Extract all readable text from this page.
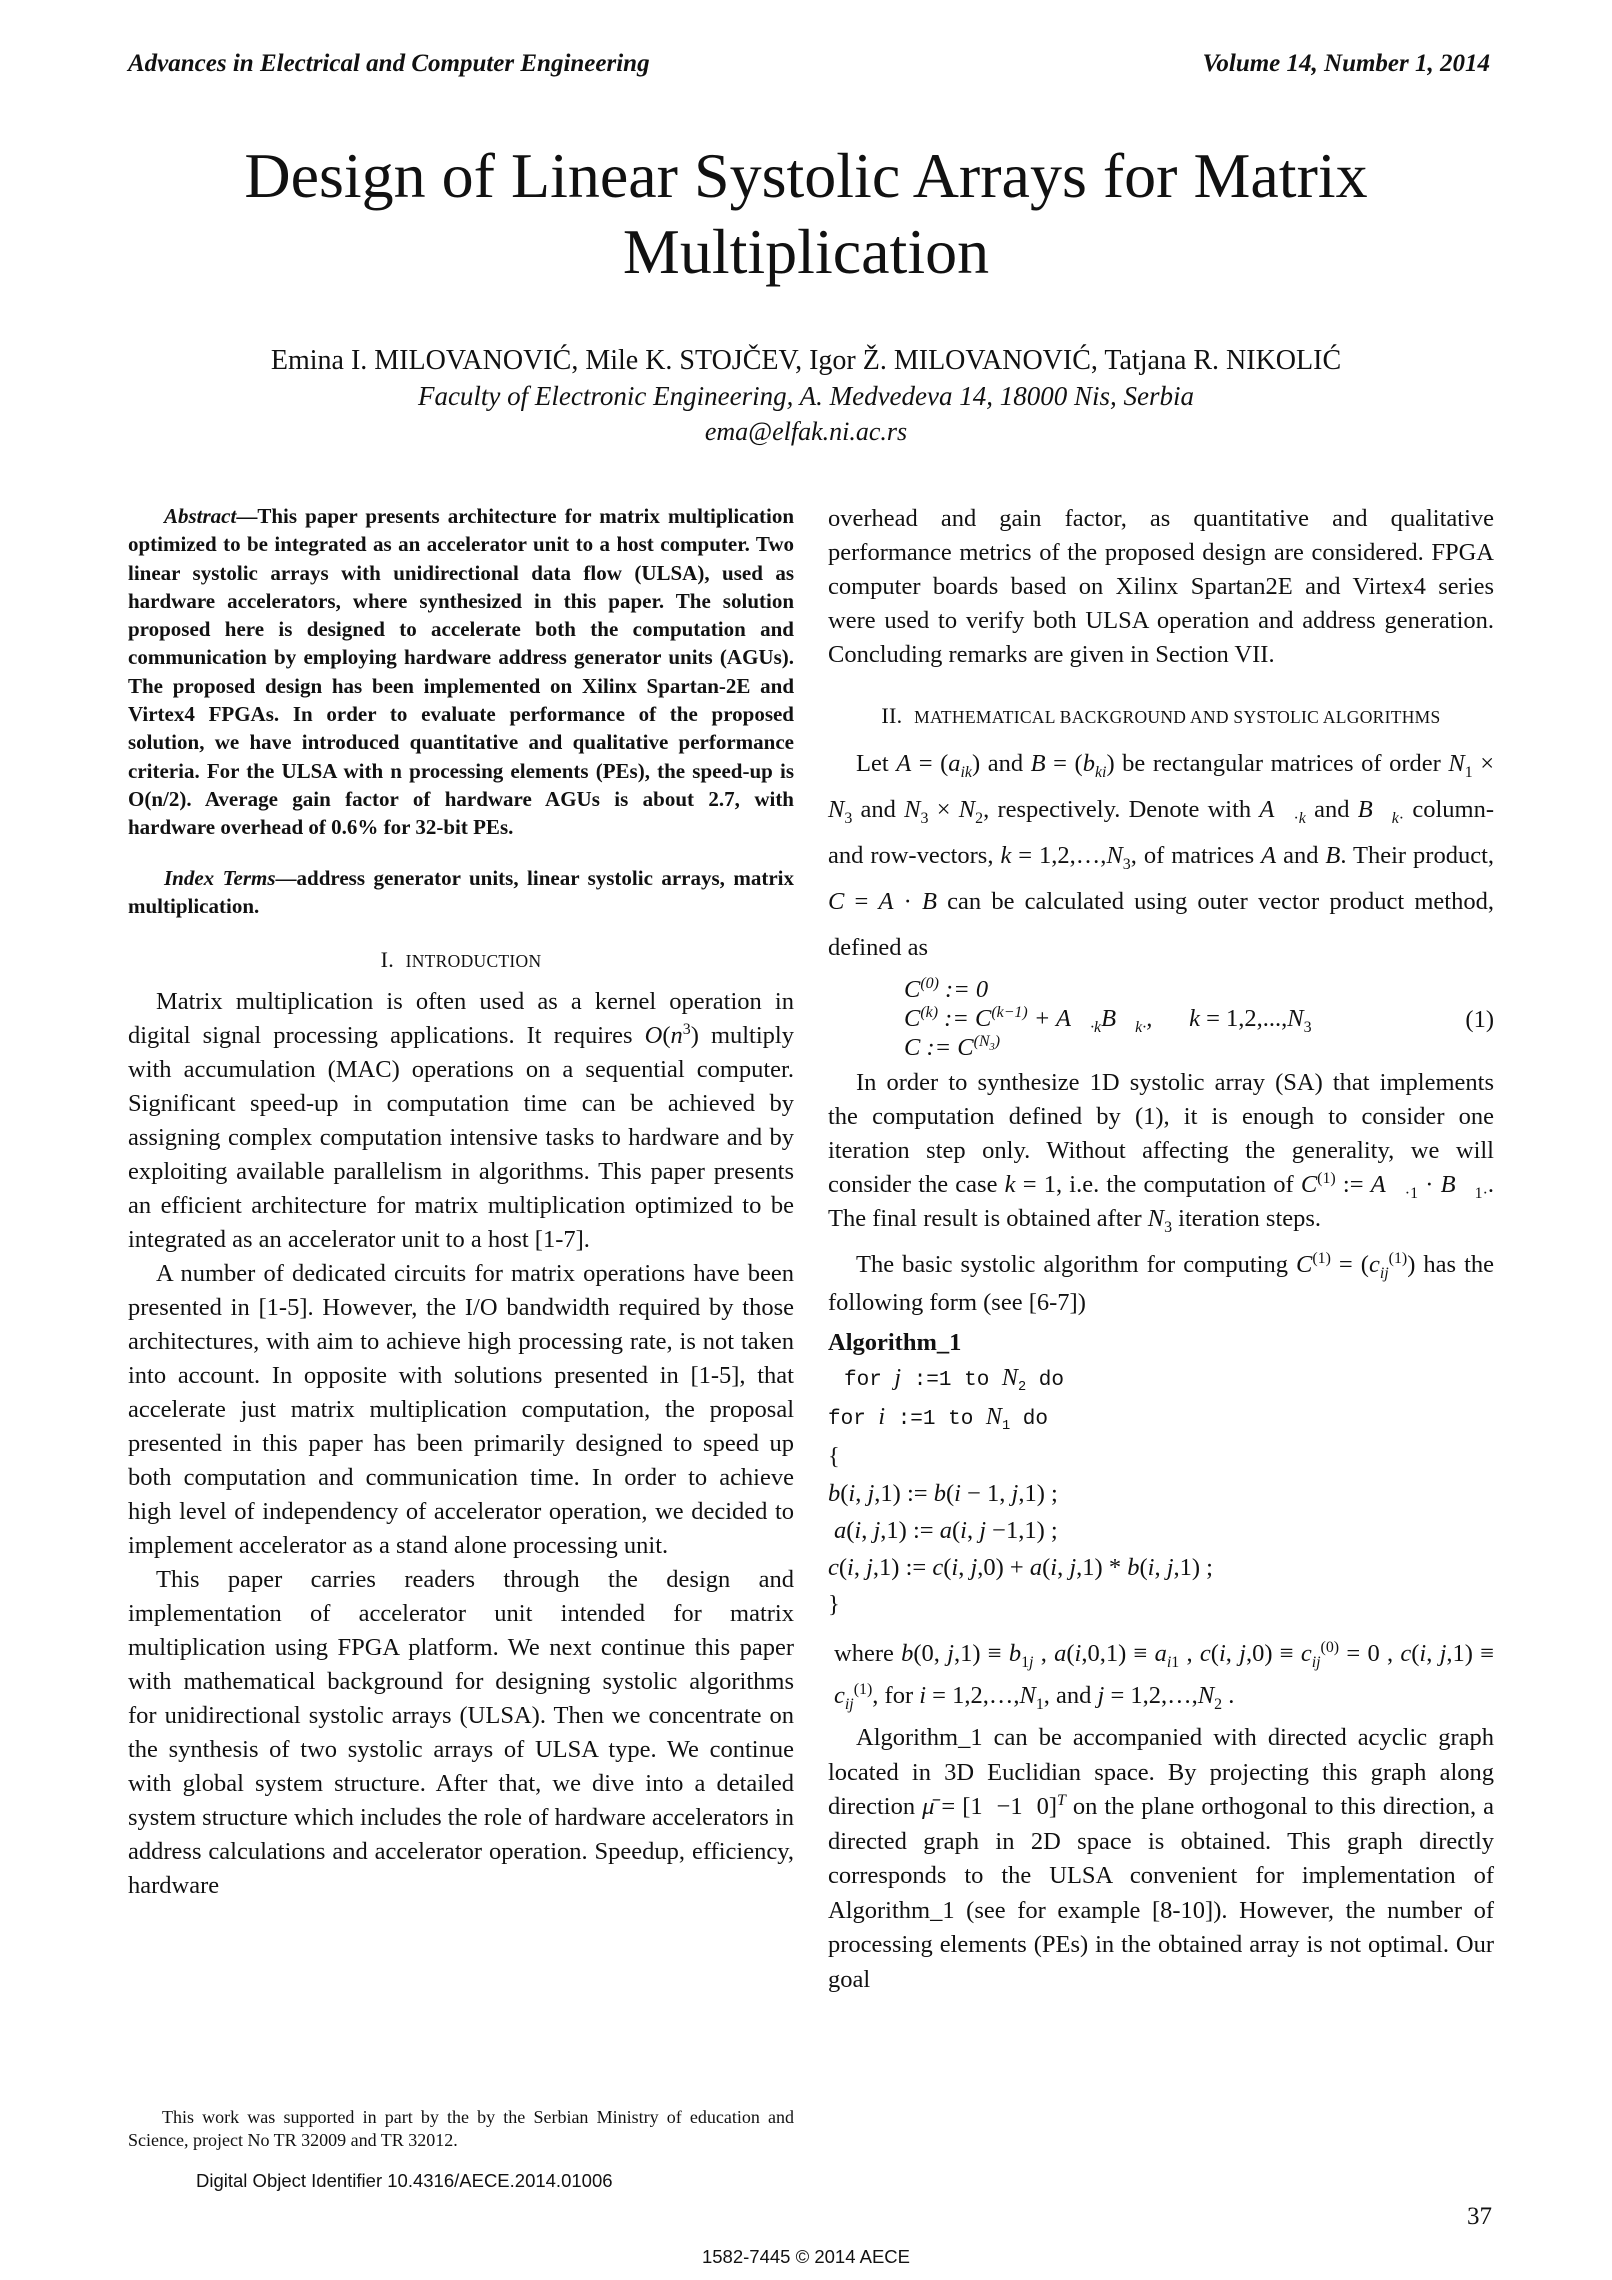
Advances in Electrical and Computer Engineering	Volume 14, Number 1, 2014
Design of Linear Systolic Arrays for Matrix Multiplication
Emina I. MILOVANOVIĆ, Mile K. STOJČEV, Igor Ž. MILOVANOVIĆ, Tatjana R. NIKOLIĆ
Faculty of Electronic Engineering, A. Medvedeva 14, 18000 Nis, Serbia
ema@elfak.ni.ac.rs

Abstract—This paper presents architecture for matrix multiplication optimized to be integrated as an accelerator unit to a host computer. Two linear systolic arrays with unidirectional data flow (ULSA), used as hardware accelerators, where synthesized in this paper. The solution proposed here is designed to accelerate both the computation and communication by employing hardware address generator units (AGUs). The proposed design has been implemented on Xilinx Spartan-2E and Virtex4 FPGAs. In order to evaluate performance of the proposed solution, we have introduced quantitative and qualitative performance criteria. For the ULSA with n processing elements (PEs), the speed-up is O(n/2). Average gain factor of hardware AGUs is about 2.7, with hardware overhead of 0.6% for 32-bit PEs.

Index Terms—address generator units, linear systolic arrays, matrix multiplication.

I. INTRODUCTION

Matrix multiplication is often used as a kernel operation in digital signal processing applications. It requires $O(n^3)$ multiply with accumulation (MAC) operations on a sequential computer. Significant speed-up in computation time can be achieved by assigning complex computation intensive tasks to hardware and by exploiting available parallelism in algorithms. This paper presents an efficient architecture for matrix multiplication optimized to be integrated as an accelerator unit to a host [1-7].

A number of dedicated circuits for matrix operations have been presented in [1-5]. However, the I/O bandwidth required by those architectures, with aim to achieve high processing rate, is not taken into account. In opposite with solutions presented in [1-5], that accelerate just matrix multiplication computation, the proposal presented in this paper has been primarily designed to speed up both computation and communication time. In order to achieve high level of independency of accelerator operation, we decided to implement accelerator as a stand alone processing unit.

This paper carries readers through the design and implementation of accelerator unit intended for matrix multiplication using FPGA platform. We next continue this paper with mathematical background for designing systolic algorithms for unidirectional systolic arrays (ULSA). Then we concentrate on the synthesis of two systolic arrays of ULSA type. We continue with global system structure. After that, we dive into a detailed system structure which includes the role of hardware accelerators in address calculations and accelerator operation. Speedup, efficiency, hardware

This work was supported in part by the by the Serbian Ministry of education and Science, project No TR 32009 and TR 32012.
Digital Object Identifier 10.4316/AECE.2014.01006

overhead and gain factor, as quantitative and qualitative performance metrics of the proposed design are considered. FPGA computer boards based on Xilinx Spartan2E and Virtex4 series were used to verify both ULSA operation and address generation. Concluding remarks are given in Section VII.

II. MATHEMATICAL BACKGROUND AND SYSTOLIC ALGORITHMS

Let $A = (a_{ik})$ and $B = (b_{ki})$ be rectangular matrices of order $N_1 \times N_3$ and $N_3 \times N_2$, respectively. Denote with $A⃗_{\cdot k}$ and $B⃗_{k\cdot}$ column- and row-vectors, $k = 1,2,\dots,N_3$, of matrices A and B. Their product, C = A · B can be calculated using outer vector product method, defined as

$C^{(0)}$ := 0
$C^{(k)}$ := $C^{(k-1)}$ + $A⃗_{\cdot k}B⃗_{k\cdot}$,      $k = 1,2,...,N_3$
C := $C^{(N_3)}$
(1)

In order to synthesize 1D systolic array (SA) that implements the computation defined by (1), it is enough to consider one iteration step only. Without affecting the generality, we will consider the case k = 1, i.e. the computation of $C^{(1)}$ := $A⃗_{\cdot 1}$ · $B⃗_{1\cdot}$. The final result is obtained after $N_3$ iteration steps.

The basic systolic algorithm for computing $C^{(1)} = (c_{ij}^{(1)})$ has the following form (see [6-7])

Algorithm_1
for j :=1 to $N_2$ do
for i :=1 to $N_1$ do
{
b(i, j,1) := b(i − 1, j,1) ;
a(i, j,1) := a(i, j −1,1) ;
c(i, j,1) := c(i, j,0) + a(i, j,1) * b(i, j,1) ;
}

where b(0, $j,1) \equiv b_{1j}$ , $a(i,0,1) \equiv a_{i1}$ , c(i, $j,0) \equiv c_{ij}^{(0)} = 0$ , c(i, $j,1) \equiv c_{ij}^{(1)}$, for $i = 1,2,\dots,N_1$, and $j = 1,2,\dots,N_2$ .

Algorithm_1 can be accompanied with directed acyclic graph located in 3D Euclidian space. By projecting this graph along direction μ̄ = [1  −1  0]$^T$ on the plane orthogonal to this direction, a directed graph in 2D space is obtained. This graph directly corresponds to the ULSA convenient for implementation of Algorithm_1 (see for example [8-10]). However, the number of processing elements (PEs) in the obtained array is not optimal. Our goal

37
1582-7445 © 2014 AECE
